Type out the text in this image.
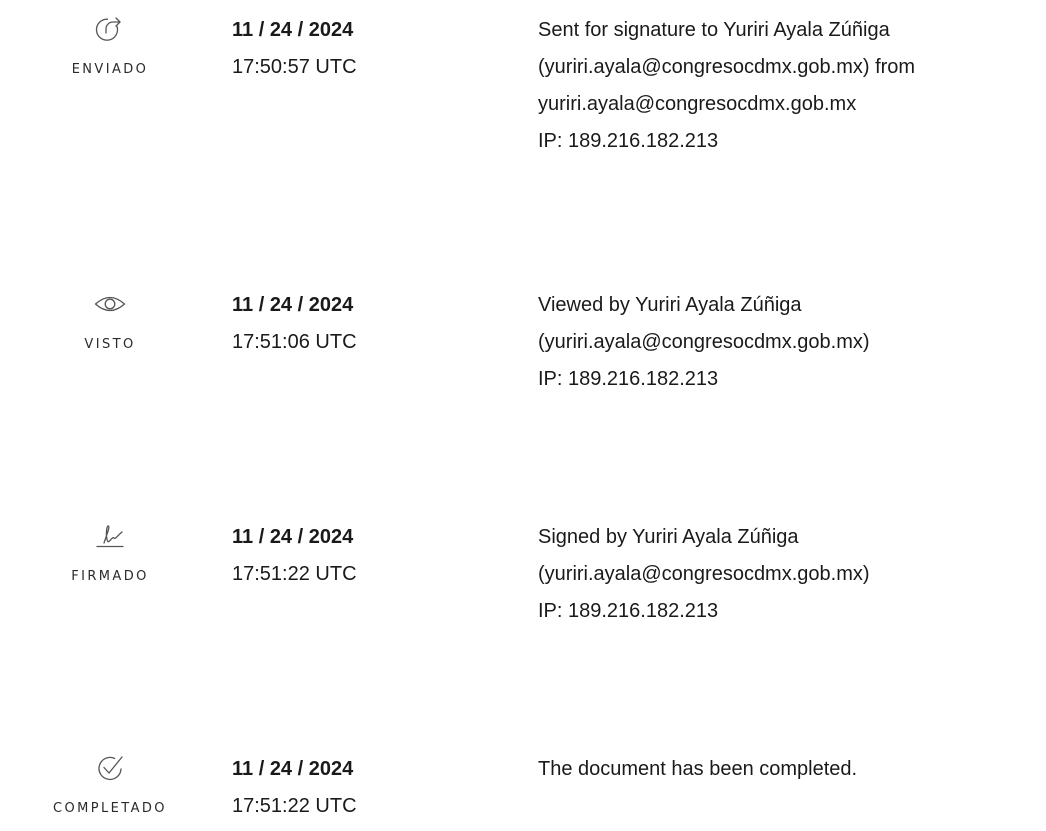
ENVIADO
11 / 24 / 2024
17:50:57 UTC
Sent for signature to Yuriri Ayala Zúñiga
(yuriri.ayala@congresocdmx.gob.mx) from
yuriri.ayala@congresocdmx.gob.mx
IP: 189.216.182.213
VISTO
11 / 24 / 2024
17:51:06 UTC
Viewed by Yuriri Ayala Zúñiga
(yuriri.ayala@congresocdmx.gob.mx)
IP: 189.216.182.213
FIRMADO
11 / 24 / 2024
17:51:22 UTC
Signed by Yuriri Ayala Zúñiga
(yuriri.ayala@congresocdmx.gob.mx)
IP: 189.216.182.213
COMPLETADO
11 / 24 / 2024
17:51:22 UTC
The document has been completed.
